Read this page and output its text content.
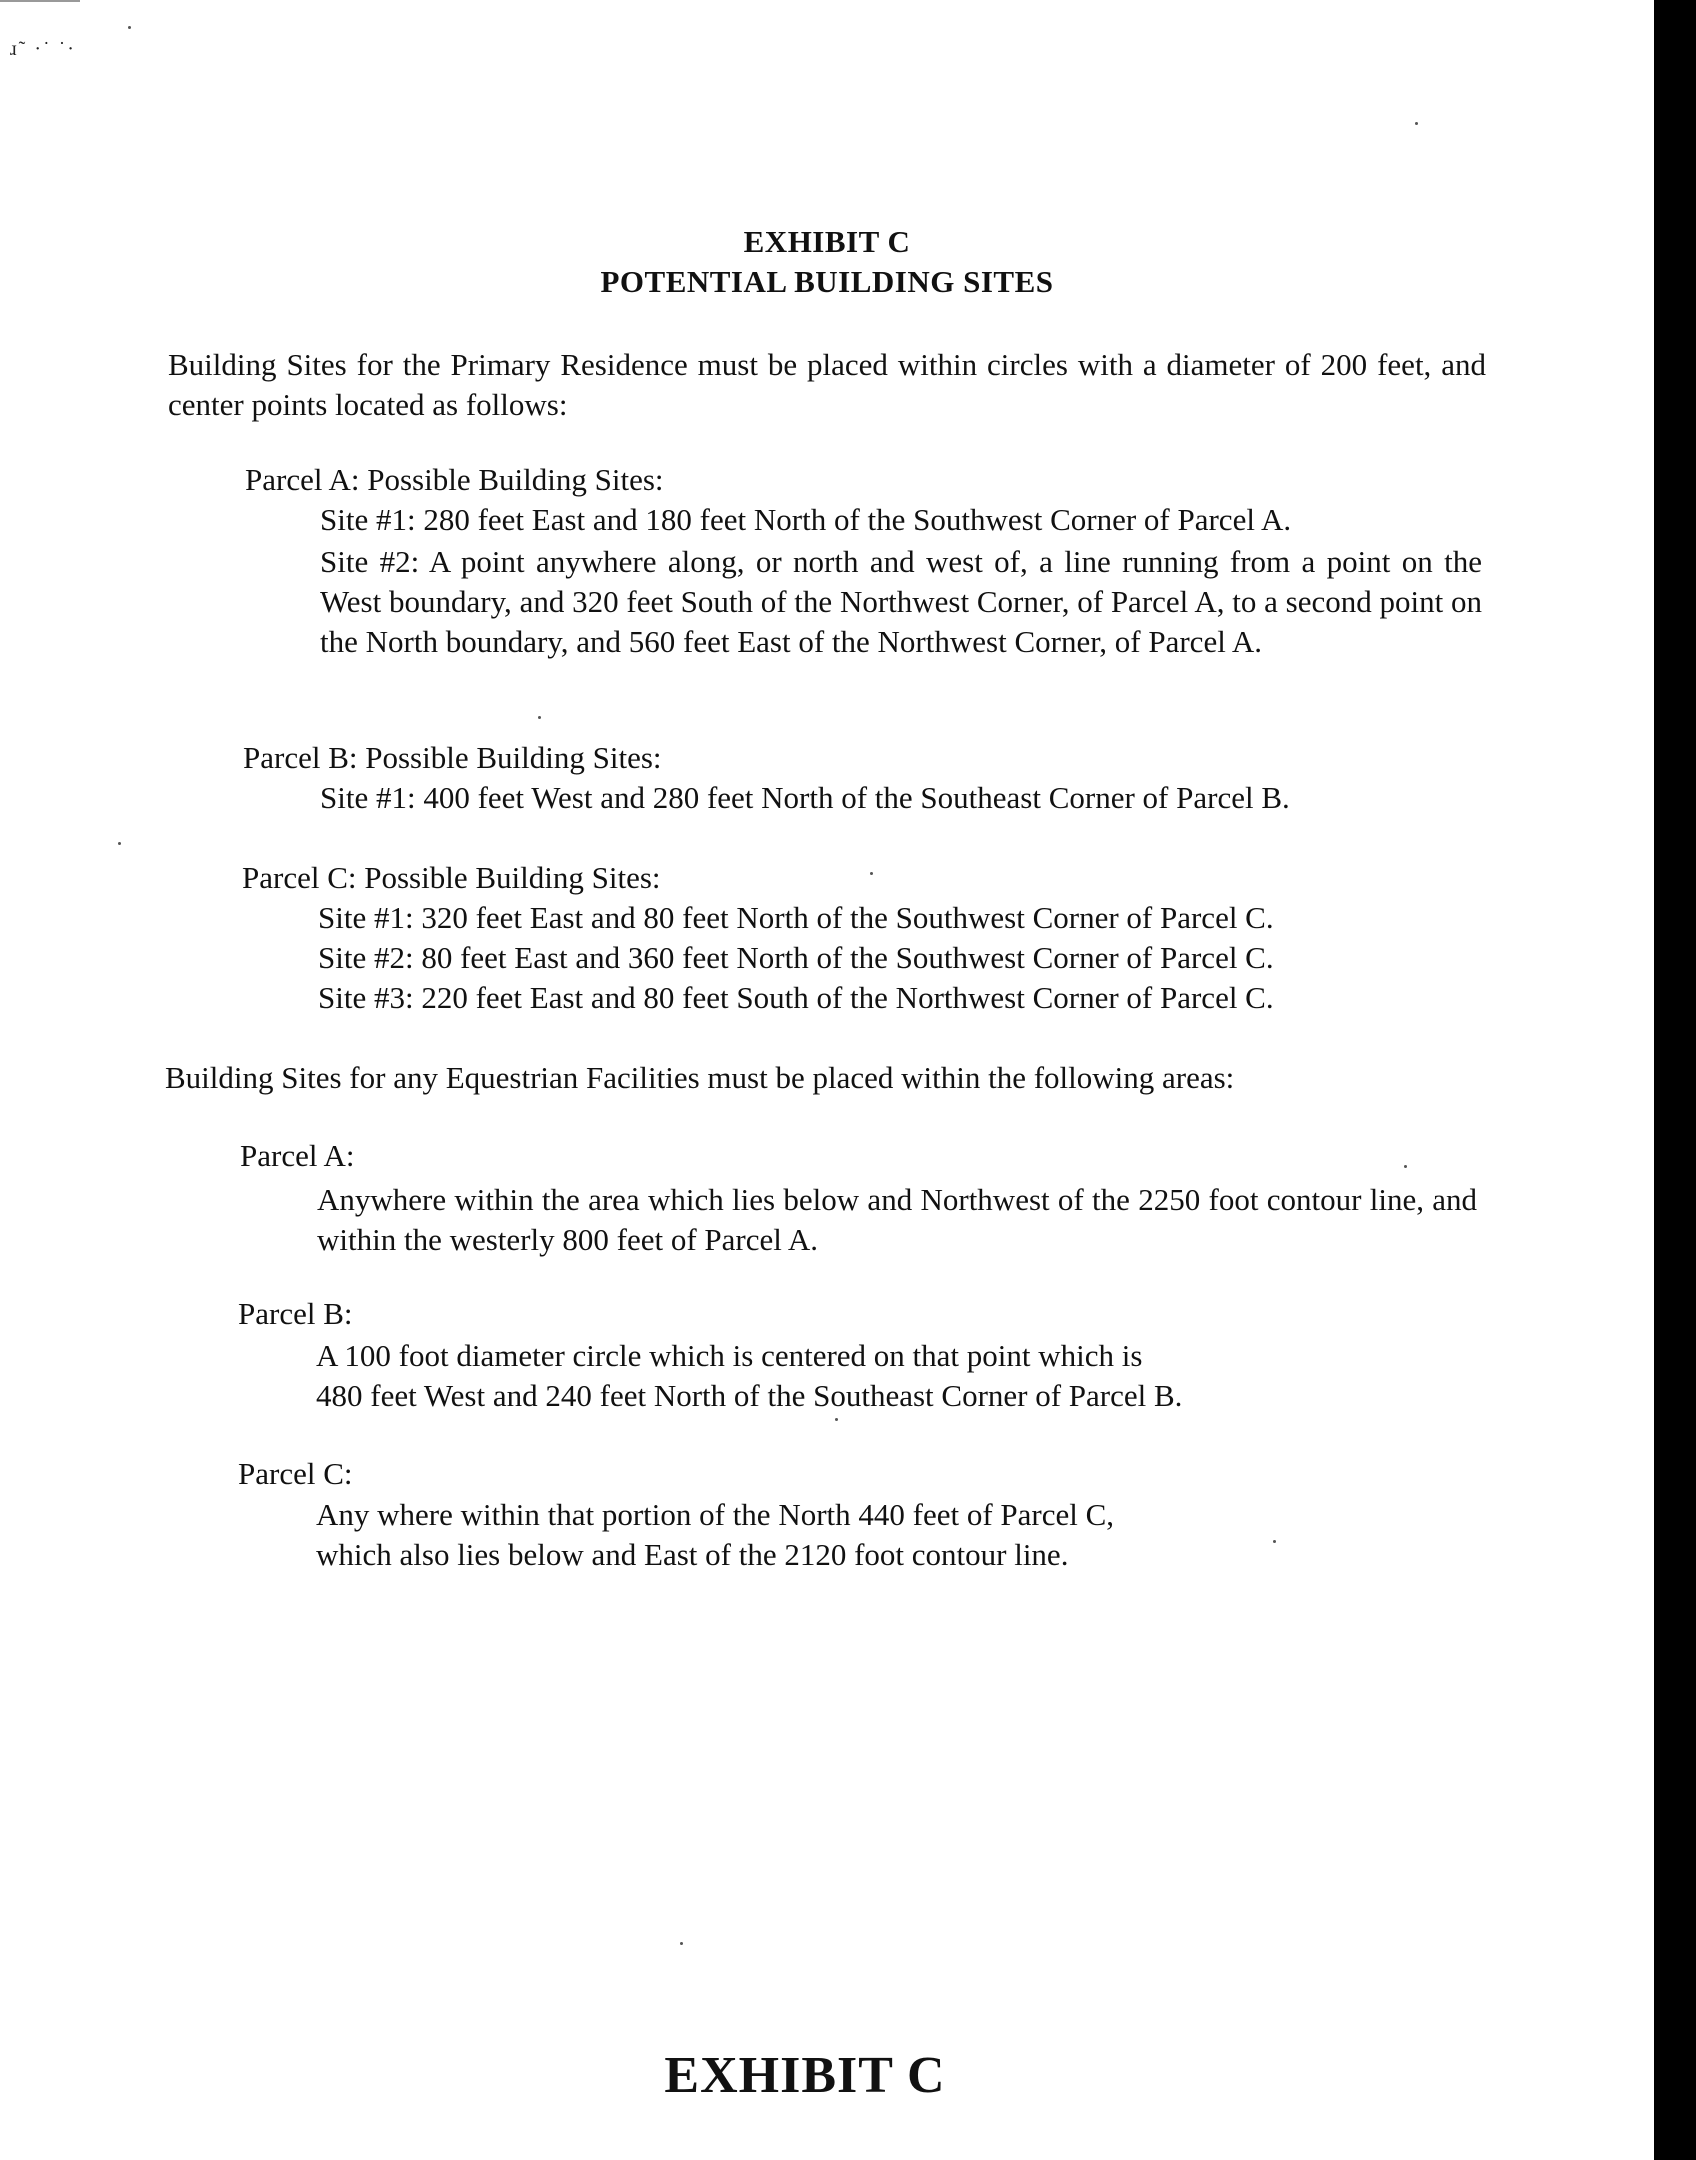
ɹ˜ ·˙ ˙·
EXHIBIT C
POTENTIAL BUILDING SITES
Building Sites for the Primary Residence must be placed within circles with a diameter of 200 feet, and center points located as follows:
Parcel A: Possible Building Sites:
Site #1: 280 feet East and 180 feet North of the Southwest Corner of Parcel A.
Site #2: A point anywhere along, or north and west of, a line running from a point on the West boundary, and 320 feet South of the Northwest Corner, of Parcel A, to a second point on the North boundary, and 560 feet East of the Northwest Corner, of Parcel A.
Parcel B: Possible Building Sites:
Site #1: 400 feet West and 280 feet North of the Southeast Corner of Parcel B.
Parcel C: Possible Building Sites:
Site #1: 320 feet East and 80 feet North of the Southwest Corner of Parcel C.
Site #2: 80 feet East and 360 feet North of the Southwest Corner of Parcel C.
Site #3: 220 feet East and 80 feet South of the Northwest Corner of Parcel C.
Building Sites for any Equestrian Facilities must be placed within the following areas:
Parcel A:
Anywhere within the area which lies below and Northwest of the 2250 foot contour line, and within the westerly 800 feet of Parcel A.
Parcel B:
A 100 foot diameter circle which is centered on that point which is
480 feet West and 240 feet North of the Southeast Corner of Parcel B.
Parcel C:
Any where within that portion of the North 440 feet of Parcel C,
which also lies below and East of the 2120 foot contour line.
EXHIBIT C
